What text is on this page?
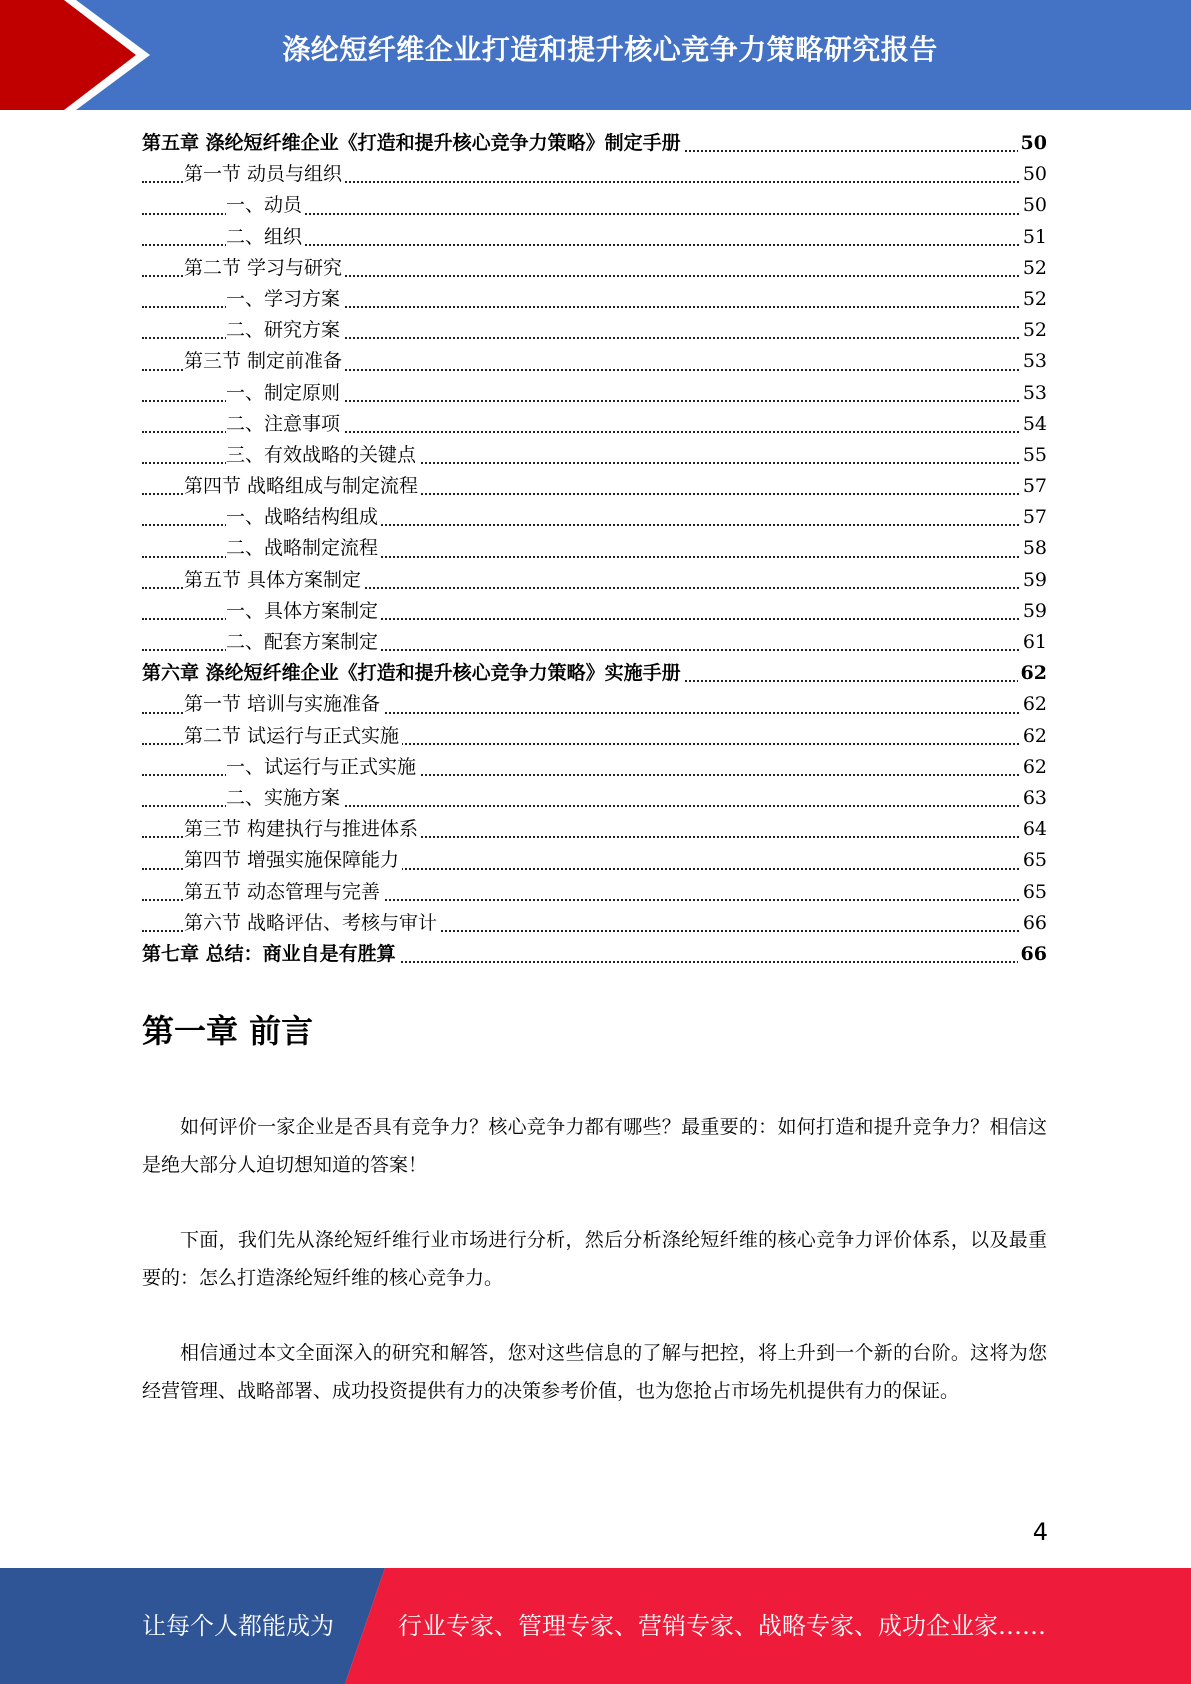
涤纶短纤维企业打造和提升核心竞争力策略研究报告
第五章 涤纶短纤维企业《打造和提升核心竞争力策略》制定手册	50
第一节 动员与组织	50
一、动员	50
二、组织	51
第二节 学习与研究	52
一、学习方案	52
二、研究方案	52
第三节 制定前准备	53
一、制定原则	53
二、注意事项	54
三、有效战略的关键点	55
第四节 战略组成与制定流程	57
一、战略结构组成	57
二、战略制定流程	58
第五节 具体方案制定	59
一、具体方案制定	59
二、配套方案制定	61
第六章 涤纶短纤维企业《打造和提升核心竞争力策略》实施手册	62
第一节 培训与实施准备	62
第二节 试运行与正式实施	62
一、试运行与正式实施	62
二、实施方案	63
第三节 构建执行与推进体系	64
第四节 增强实施保障能力	65
第五节 动态管理与完善	65
第六节 战略评估、考核与审计	66
第七章 总结：商业自是有胜算	66
第一章 前言

如何评价一家企业是否具有竞争力？核心竞争力都有哪些？最重要的：如何打造和提升竞争力？相信这是绝大部分人迫切想知道的答案！

下面，我们先从涤纶短纤维行业市场进行分析，然后分析涤纶短纤维的核心竞争力评价体系，以及最重要的：怎么打造涤纶短纤维的核心竞争力。

相信通过本文全面深入的研究和解答，您对这些信息的了解与把控，将上升到一个新的台阶。这将为您经营管理、战略部署、成功投资提供有力的决策参考价值，也为您抢占市场先机提供有力的保证。

4
让每个人都能成为	行业专家、管理专家、营销专家、战略专家、成功企业家……
